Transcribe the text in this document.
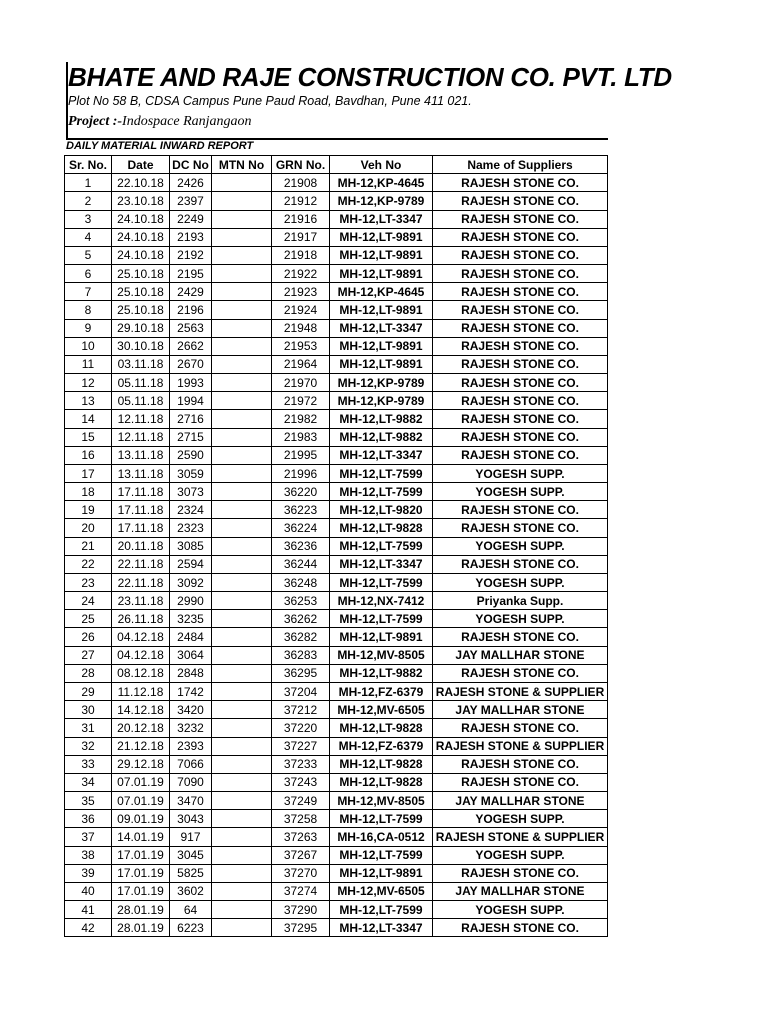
BHATE AND RAJE CONSTRUCTION CO. PVT. LTD
Plot No 58 B, CDSA Campus Pune Paud Road, Bavdhan, Pune 411 021.
Project :-Indospace Ranjangaon
DAILY MATERIAL INWARD REPORT
Sr. No.	Date	DC No	MTN No	GRN No.	Veh No	Name of Suppliers
1	22.10.18	2426		21908	MH-12,KP-4645	RAJESH STONE CO.
2	23.10.18	2397		21912	MH-12,KP-9789	RAJESH STONE CO.
3	24.10.18	2249		21916	MH-12,LT-3347	RAJESH STONE CO.
4	24.10.18	2193		21917	MH-12,LT-9891	RAJESH STONE CO.
5	24.10.18	2192		21918	MH-12,LT-9891	RAJESH STONE CO.
6	25.10.18	2195		21922	MH-12,LT-9891	RAJESH STONE CO.
7	25.10.18	2429		21923	MH-12,KP-4645	RAJESH STONE CO.
8	25.10.18	2196		21924	MH-12,LT-9891	RAJESH STONE CO.
9	29.10.18	2563		21948	MH-12,LT-3347	RAJESH STONE CO.
10	30.10.18	2662		21953	MH-12,LT-9891	RAJESH STONE CO.
11	03.11.18	2670		21964	MH-12,LT-9891	RAJESH STONE CO.
12	05.11.18	1993		21970	MH-12,KP-9789	RAJESH STONE CO.
13	05.11.18	1994		21972	MH-12,KP-9789	RAJESH STONE CO.
14	12.11.18	2716		21982	MH-12,LT-9882	RAJESH STONE CO.
15	12.11.18	2715		21983	MH-12,LT-9882	RAJESH STONE CO.
16	13.11.18	2590		21995	MH-12,LT-3347	RAJESH STONE CO.
17	13.11.18	3059		21996	MH-12,LT-7599	YOGESH SUPP.
18	17.11.18	3073		36220	MH-12,LT-7599	YOGESH SUPP.
19	17.11.18	2324		36223	MH-12,LT-9820	RAJESH STONE CO.
20	17.11.18	2323		36224	MH-12,LT-9828	RAJESH STONE CO.
21	20.11.18	3085		36236	MH-12,LT-7599	YOGESH SUPP.
22	22.11.18	2594		36244	MH-12,LT-3347	RAJESH STONE CO.
23	22.11.18	3092		36248	MH-12,LT-7599	YOGESH SUPP.
24	23.11.18	2990		36253	MH-12,NX-7412	Priyanka Supp.
25	26.11.18	3235		36262	MH-12,LT-7599	YOGESH SUPP.
26	04.12.18	2484		36282	MH-12,LT-9891	RAJESH STONE CO.
27	04.12.18	3064		36283	MH-12,MV-8505	JAY MALLHAR STONE
28	08.12.18	2848		36295	MH-12,LT-9882	RAJESH STONE CO.
29	11.12.18	1742		37204	MH-12,FZ-6379	RAJESH STONE & SUPPLIER
30	14.12.18	3420		37212	MH-12,MV-6505	JAY MALLHAR STONE
31	20.12.18	3232		37220	MH-12,LT-9828	RAJESH STONE CO.
32	21.12.18	2393		37227	MH-12,FZ-6379	RAJESH STONE & SUPPLIER
33	29.12.18	7066		37233	MH-12,LT-9828	RAJESH STONE CO.
34	07.01.19	7090		37243	MH-12,LT-9828	RAJESH STONE CO.
35	07.01.19	3470		37249	MH-12,MV-8505	JAY MALLHAR STONE
36	09.01.19	3043		37258	MH-12,LT-7599	YOGESH SUPP.
37	14.01.19	917		37263	MH-16,CA-0512	RAJESH STONE & SUPPLIER
38	17.01.19	3045		37267	MH-12,LT-7599	YOGESH SUPP.
39	17.01.19	5825		37270	MH-12,LT-9891	RAJESH STONE CO.
40	17.01.19	3602		37274	MH-12,MV-6505	JAY MALLHAR STONE
41	28.01.19	64		37290	MH-12,LT-7599	YOGESH SUPP.
42	28.01.19	6223		37295	MH-12,LT-3347	RAJESH STONE CO.
